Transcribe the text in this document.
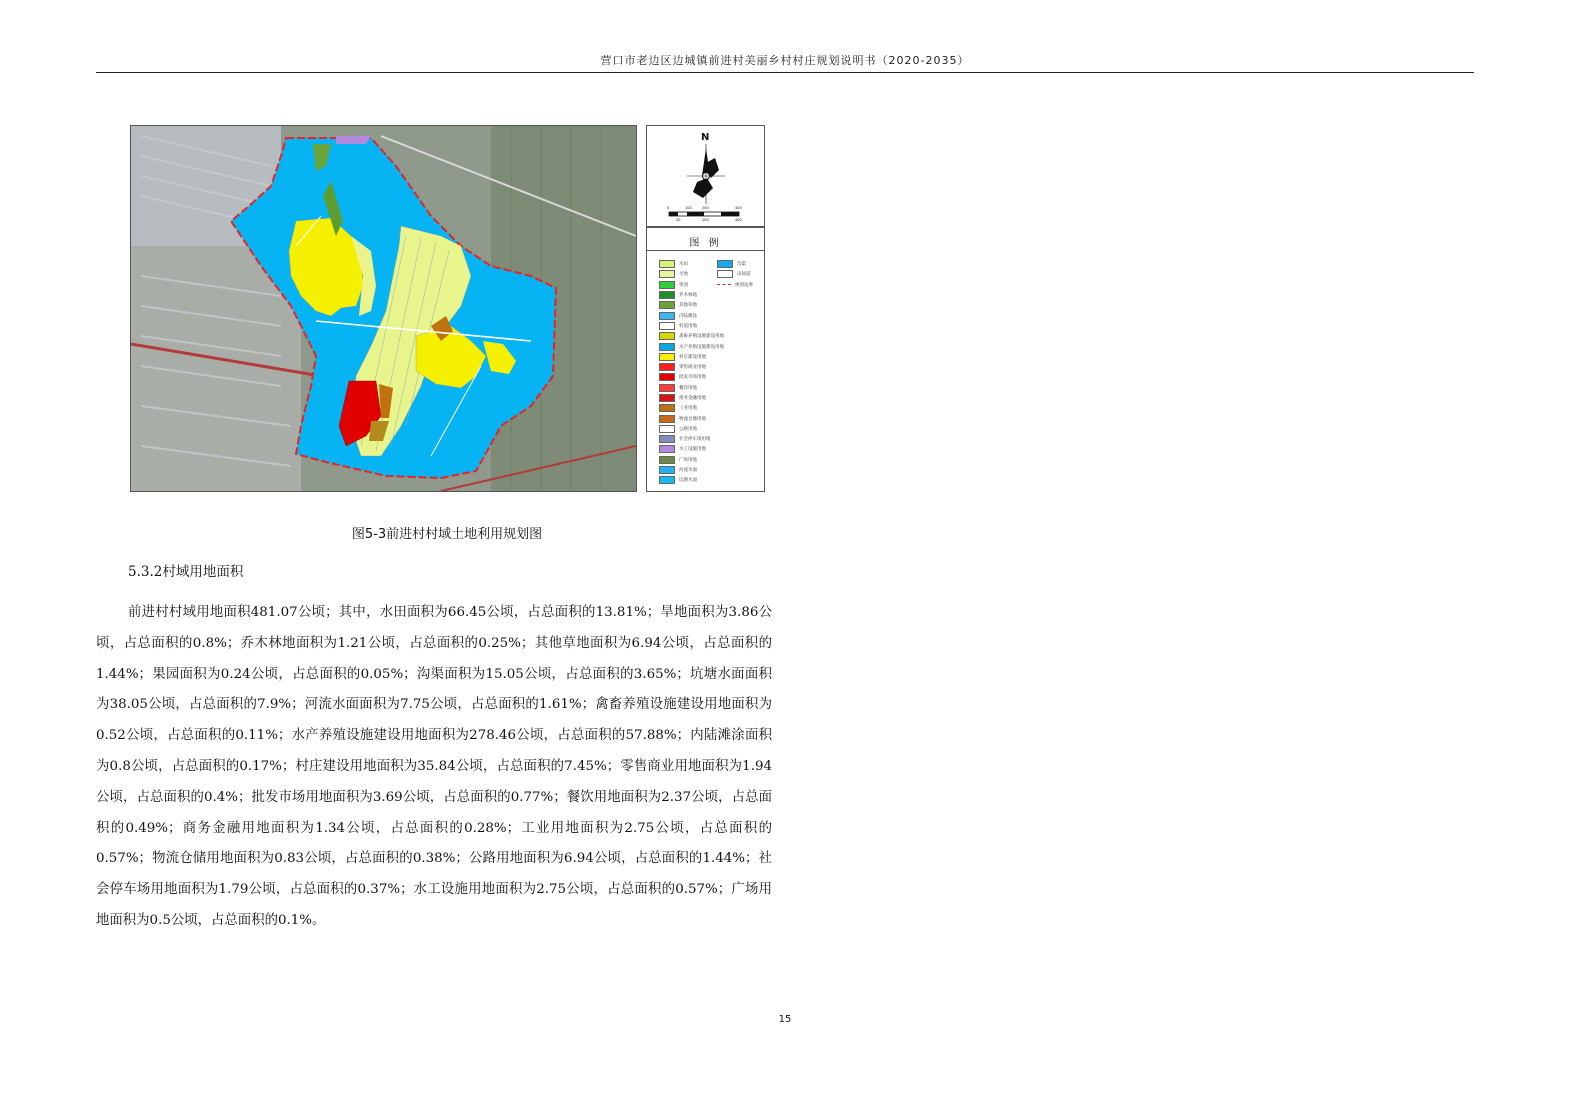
营口市老边区边城镇前进村美丽乡村村庄规划说明书（2020-2035）
N
0	100	200	400
50	200	400
图 例
水田
旱地
果园
乔木林地
其他草地
内陆滩涂
村道用地
禽畜养殖设施建设用地
水产养殖设施建设用地
村庄建设用地
零售商业用地
批发市场用地
餐饮用地
商务金融用地
工业用地
物流仓储用地
公路用地
社会停车场用地
水工设施用地
广场用地
河流水面
坑塘水面
沟渠
田间道
规划边界
图5-3前进村村域土地利用规划图
5.3.2村域用地面积
前进村村域用地面积481.07公顷；其中，水田面积为66.45公顷，占总面积的13.81%；旱地面积为3.86公顷，占总面积的0.8%；乔木林地面积为1.21公顷，占总面积的0.25%；其他草地面积为6.94公顷，占总面积的1.44%；果园面积为0.24公顷，占总面积的0.05%；沟渠面积为15.05公顷，占总面积的3.65%；坑塘水面面积为38.05公顷，占总面积的7.9%；河流水面面积为7.75公顷，占总面积的1.61%；禽畜养殖设施建设用地面积为0.52公顷，占总面积的0.11%；水产养殖设施建设用地面积为278.46公顷，占总面积的57.88%；内陆滩涂面积为0.8公顷，占总面积的0.17%；村庄建设用地面积为35.84公顷，占总面积的7.45%；零售商业用地面积为1.94公顷，占总面积的0.4%；批发市场用地面积为3.69公顷，占总面积的0.77%；餐饮用地面积为2.37公顷，占总面积的0.49%；商务金融用地面积为1.34公顷，占总面积的0.28%；工业用地面积为2.75公顷，占总面积的0.57%；物流仓储用地面积为0.83公顷，占总面积的0.38%；公路用地面积为6.94公顷，占总面积的1.44%；社会停车场用地面积为1.79公顷，占总面积的0.37%；水工设施用地面积为2.75公顷，占总面积的0.57%；广场用地面积为0.5公顷，占总面积的0.1%。
15
